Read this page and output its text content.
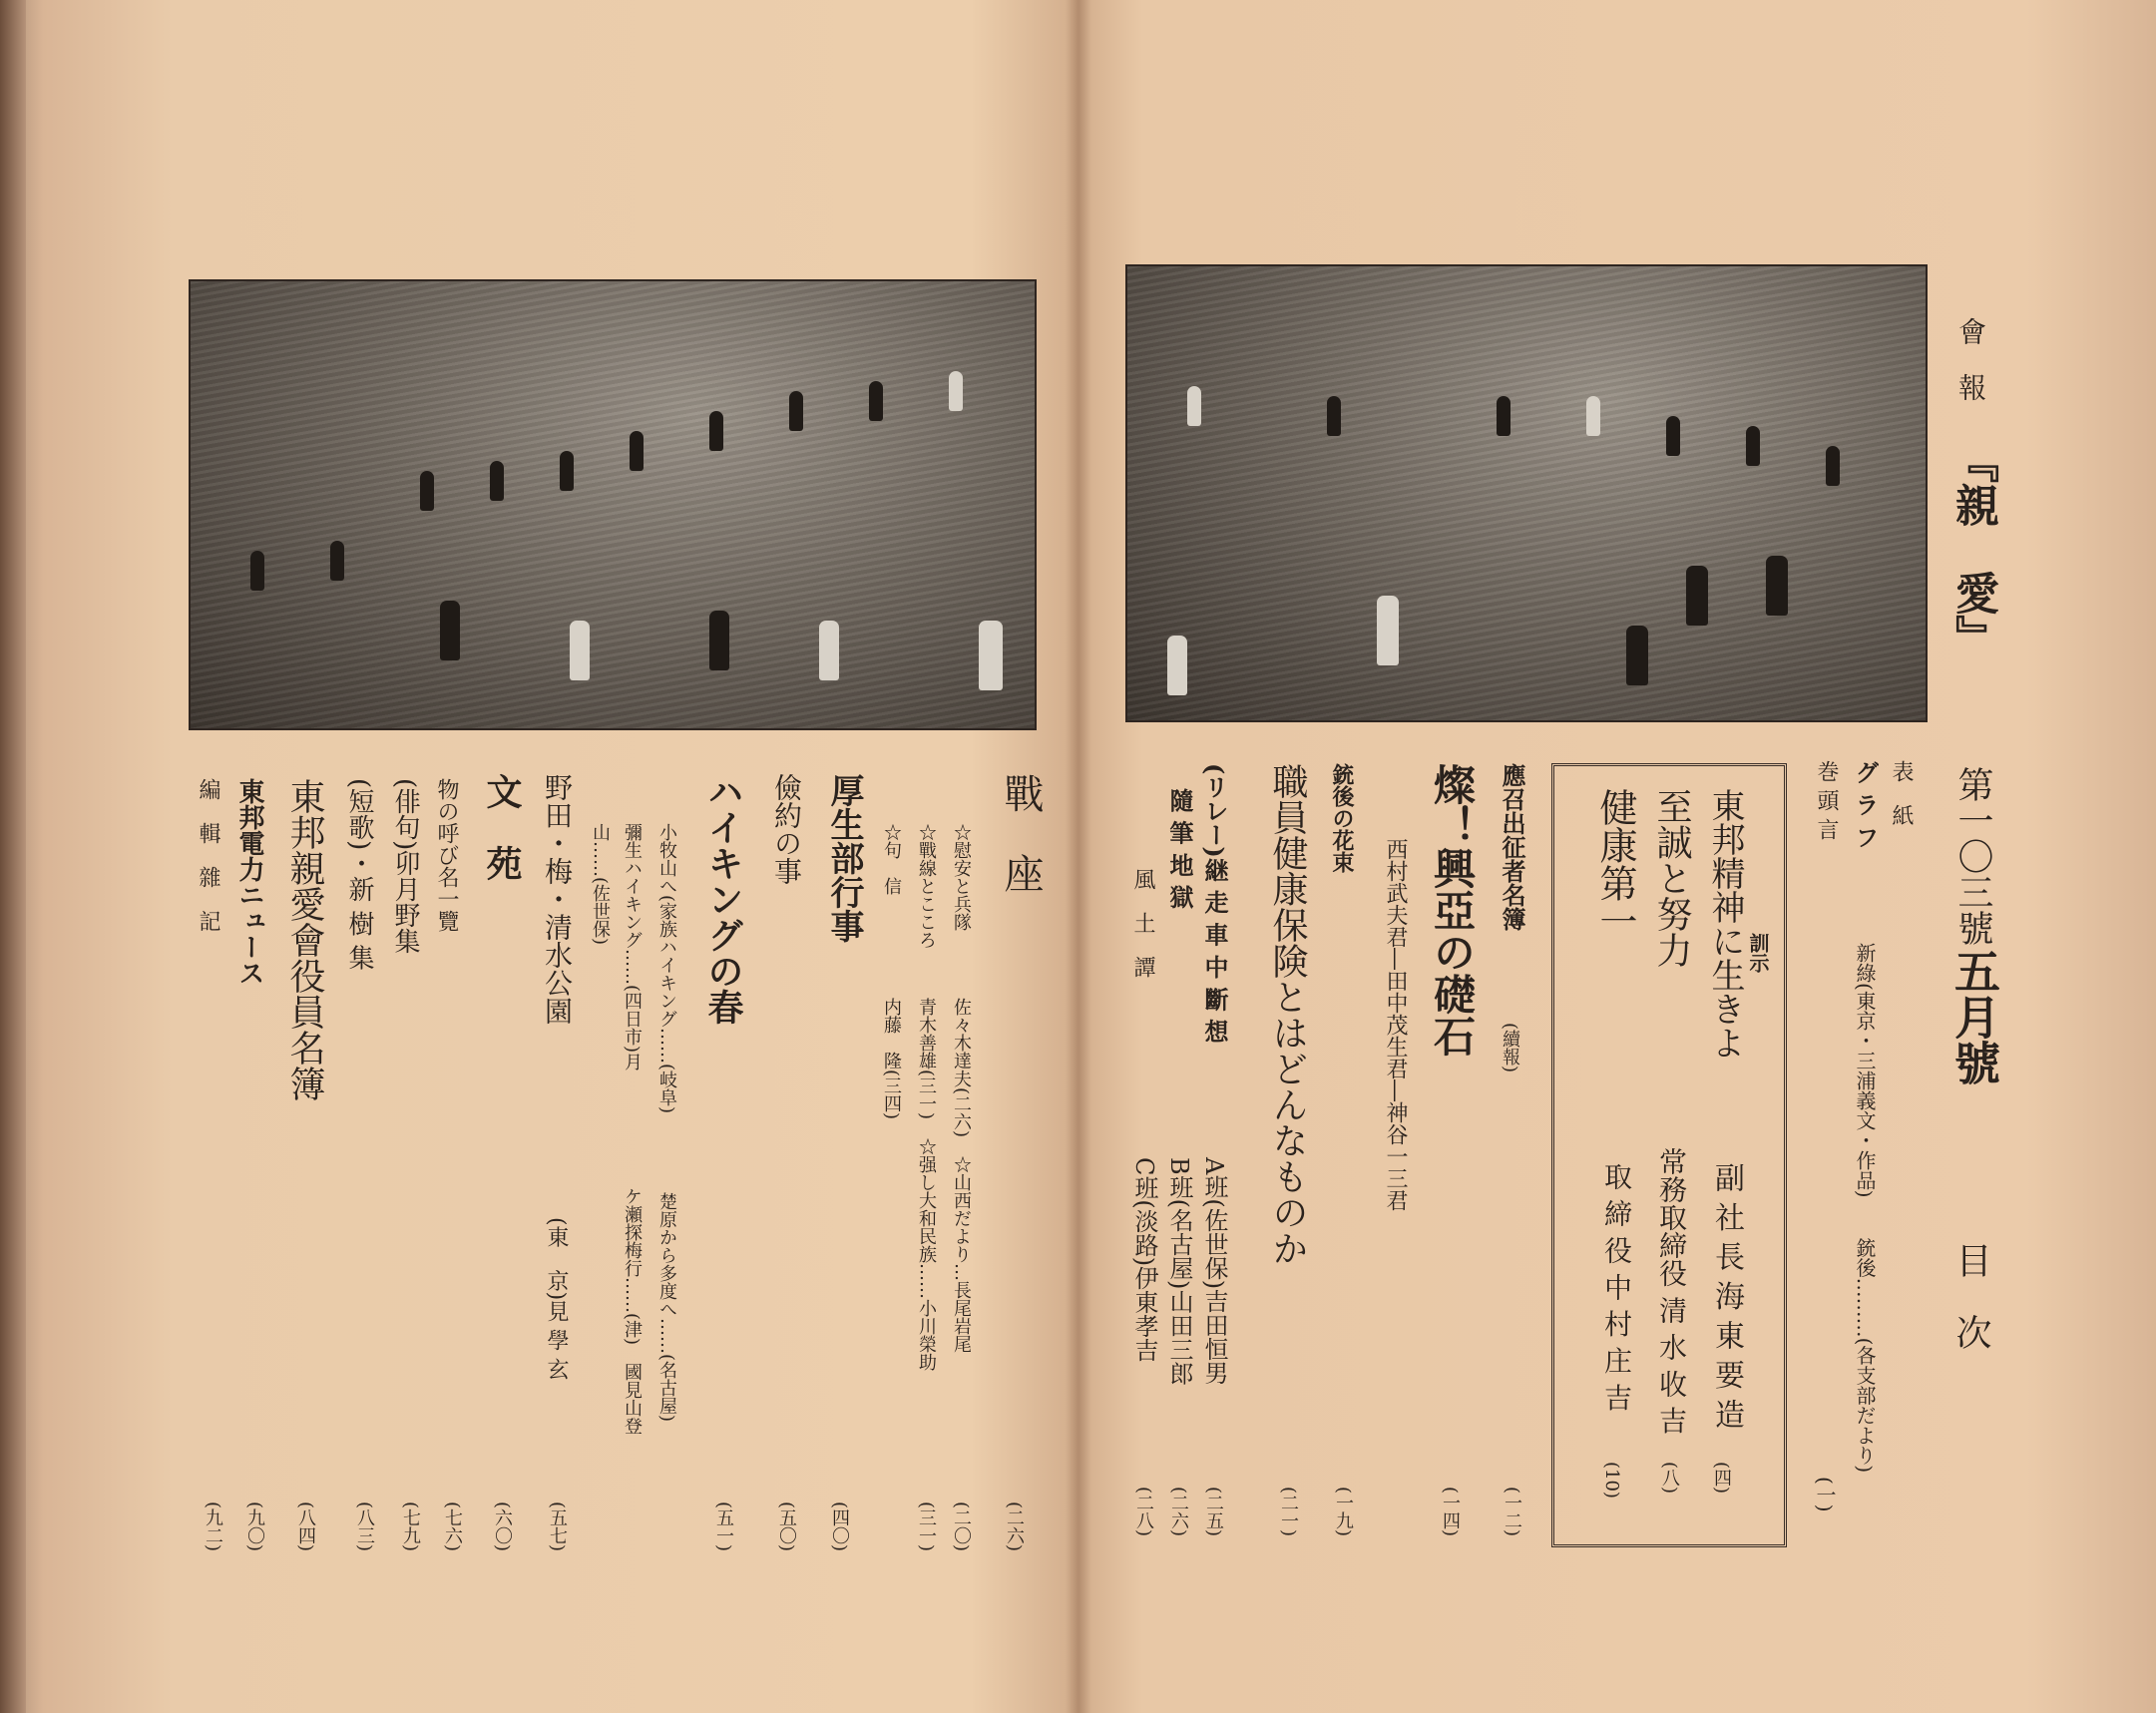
會　報
『親　愛』
第一〇三號
五月號
目　次
表　紙
グ ラ フ
新綠(東京・三浦義文・作品)　　銃後………(各支部だより)
巻 頭 言
(一)
訓示
東邦精神に生きよ
副 社 長 海 東 要 造
(四)
至誠と努力
常務取締役 清 水 收 吉
(八)
健康第一
取 締 役 中 村 庄 吉
(10)
應召出征者名簿
(續報)
(一二)
燦！興亞の礎石
(一四)
西村武夫君―田中茂生君―神谷一三君
銃後の花束
(一九)
職員健康保険とはどんなものか
(二一)
(リレー)継 走 車 中 斷 想
A班(佐世保)吉田恒男
(二五)
隨 筆 地 獄
B班(名古屋)山田三郎
(二六)
風　土　譚
C班(淡路)伊東孝吉
(二八)
戰　座
(二六)
☆慰安と兵隊
佐々木達夫(二六)　☆山西だより…長尾岩尾
(二〇)
☆戰線とこころ
青木善雄(三一)　☆强し大和民族……小川榮助
(三一)
☆句　信
内藤　隆(三四)
厚生部行事
(四〇)
儉約の事
(五〇)
ハイキングの春
(五一)
小牧山へ(家族ハイキング……(岐阜)
楚原から多度へ……(名古屋)
彌生ハイキング……(四日市)月
ケ瀬探梅行……(津)　國見山登
山……(佐世保)
野田・梅・清水公園
(東　京)見 學 玄
(五七)
文　苑
(六〇)
物の呼び名一覽
(七六)
(俳句)卯月野集
(七九)
(短歌)・新 樹 集
(八三)
東邦親愛會役員名簿
(八四)
東邦電力ニュース
(九〇)
編　輯　雜　記
(九二)
